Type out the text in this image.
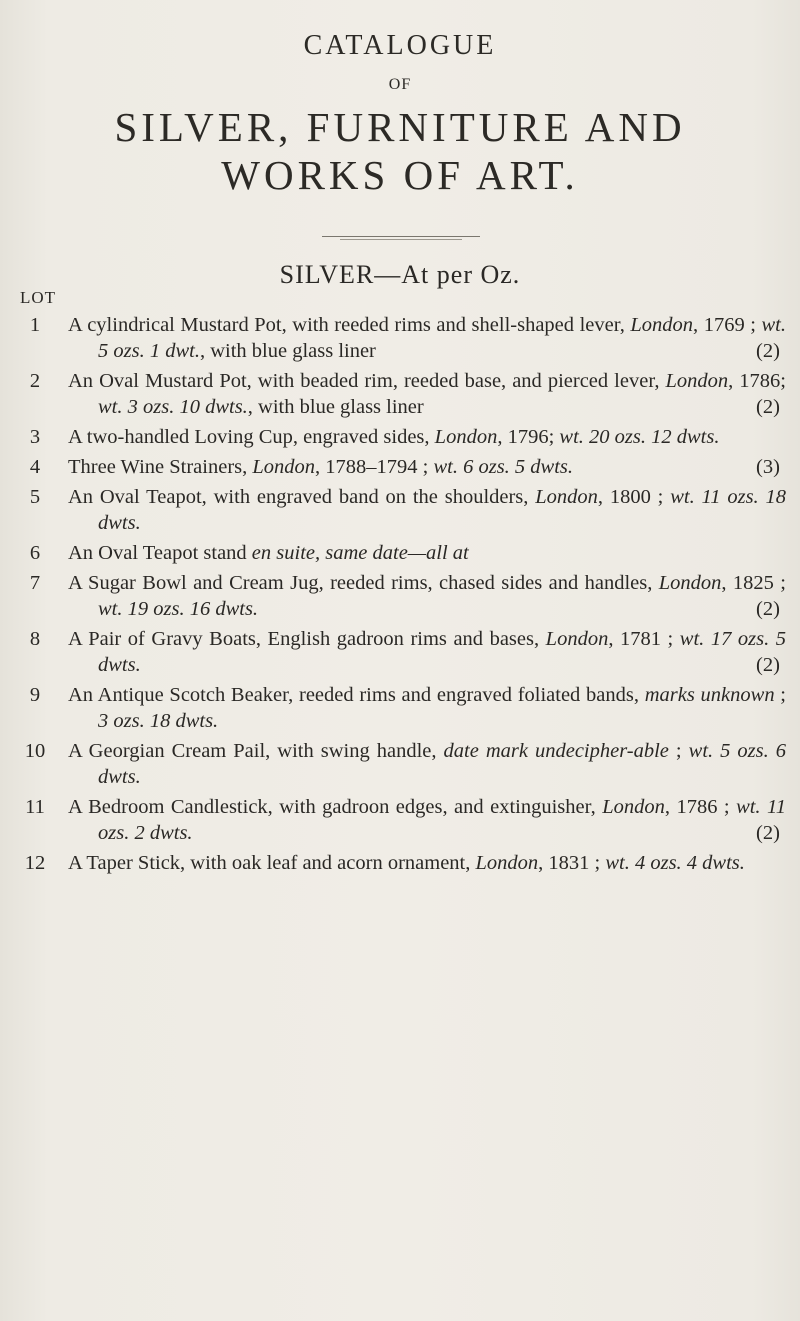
CATALOGUE
OF
SILVER, FURNITURE AND
WORKS OF ART.
SILVER—At per Oz.
LOT
1	A cylindrical Mustard Pot, with reeded rims and shell-shaped lever, London, 1769 ; wt. 5 ozs. 1 dwt., with blue glass liner	(2)
2	An Oval Mustard Pot, with beaded rim, reeded base, and pierced lever, London, 1786; wt. 3 ozs. 10 dwts., with blue glass liner	(2)
3	A two-handled Loving Cup, engraved sides, London, 1796; wt. 20 ozs. 12 dwts.
4	Three Wine Strainers, London, 1788–1794 ; wt. 6 ozs. 5 dwts.	(3)
5	An Oval Teapot, with engraved band on the shoulders, London, 1800 ; wt. 11 ozs. 18 dwts.
6	An Oval Teapot stand en suite, same date—all at
7	A Sugar Bowl and Cream Jug, reeded rims, chased sides and handles, London, 1825 ; wt. 19 ozs. 16 dwts.	(2)
8	A Pair of Gravy Boats, English gadroon rims and bases, London, 1781 ; wt. 17 ozs. 5 dwts.	(2)
9	An Antique Scotch Beaker, reeded rims and engraved foliated bands, marks unknown ; 3 ozs. 18 dwts.
10 A Georgian Cream Pail, with swing handle, date mark undecipher-able ; wt. 5 ozs. 6 dwts.
11 A Bedroom Candlestick, with gadroon edges, and extinguisher, London, 1786 ; wt. 11 ozs. 2 dwts.	(2)
12 A Taper Stick, with oak leaf and acorn ornament, London, 1831 ; wt. 4 ozs. 4 dwts.
